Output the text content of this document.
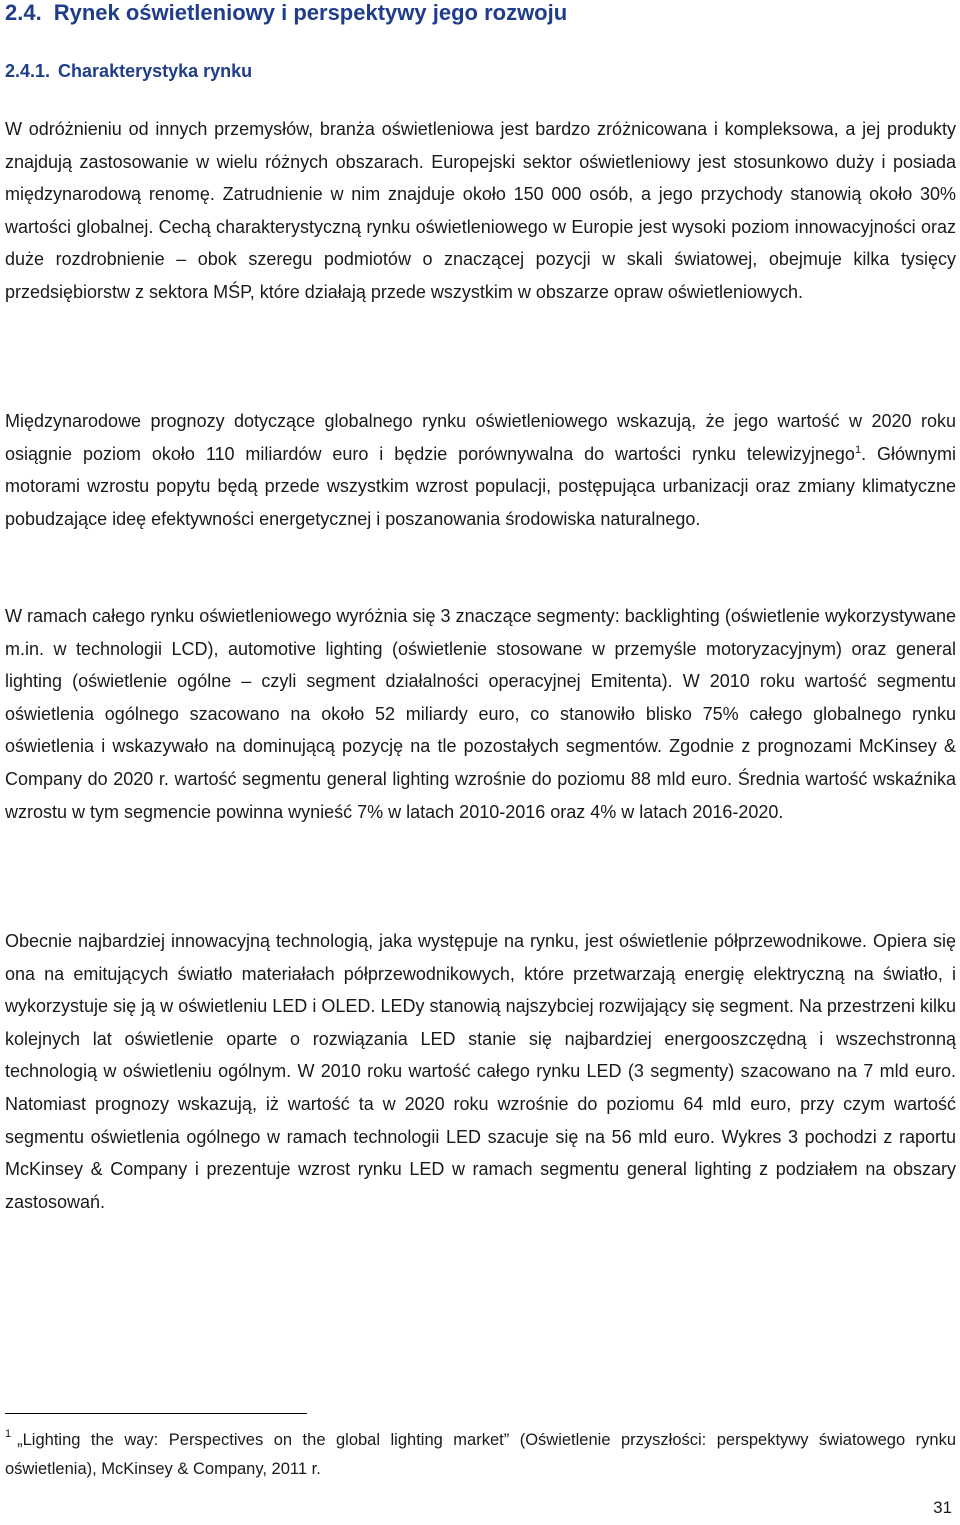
2.4. Rynek oświetleniowy i perspektywy jego rozwoju
2.4.1. Charakterystyka rynku

W odróżnieniu od innych przemysłów, branża oświetleniowa jest bardzo zróżnicowana i kompleksowa, a jej produkty znajdują zastosowanie w wielu różnych obszarach. Europejski sektor oświetleniowy jest stosunkowo duży i posiada międzynarodową renomę. Zatrudnienie w nim znajduje około 150 000 osób, a jego przychody stanowią około 30% wartości globalnej. Cechą charakterystyczną rynku oświetleniowego w Europie jest wysoki poziom innowacyjności oraz duże rozdrobnienie – obok szeregu podmiotów o znaczącej pozycji w skali światowej, obejmuje kilka tysięcy przedsiębiorstw z sektora MŚP, które działają przede wszystkim w obszarze opraw oświetleniowych.

Międzynarodowe prognozy dotyczące globalnego rynku oświetleniowego wskazują, że jego wartość w 2020 roku osiągnie poziom około 110 miliardów euro i będzie porównywalna do wartości rynku telewizyjnego$^1$. Głównymi motorami wzrostu popytu będą przede wszystkim wzrost populacji, postępująca urbanizacji oraz zmiany klimatyczne pobudzające ideę efektywności energetycznej i poszanowania środowiska naturalnego.

W ramach całego rynku oświetleniowego wyróżnia się 3 znaczące segmenty: backlighting (oświetlenie wykorzystywane m.in. w technologii LCD), automotive lighting (oświetlenie stosowane w przemyśle motoryzacyjnym) oraz general lighting (oświetlenie ogólne – czyli segment działalności operacyjnej Emitenta). W 2010 roku wartość segmentu oświetlenia ogólnego szacowano na około 52 miliardy euro, co stanowiło blisko 75% całego globalnego rynku oświetlenia i wskazywało na dominującą pozycję na tle pozostałych segmentów. Zgodnie z prognozami McKinsey & Company do 2020 r. wartość segmentu general lighting wzrośnie do poziomu 88 mld euro. Średnia wartość wskaźnika wzrostu w tym segmencie powinna wynieść 7% w latach 2010-2016 oraz 4% w latach 2016-2020.

Obecnie najbardziej innowacyjną technologią, jaka występuje na rynku, jest oświetlenie półprzewodnikowe. Opiera się ona na emitujących światło materiałach półprzewodnikowych, które przetwarzają energię elektryczną na światło, i wykorzystuje się ją w oświetleniu LED i OLED. LEDy stanowią najszybciej rozwijający się segment. Na przestrzeni kilku kolejnych lat oświetlenie oparte o rozwiązania LED stanie się najbardziej energooszczędną i wszechstronną technologią w oświetleniu ogólnym. W 2010 roku wartość całego rynku LED (3 segmenty) szacowano na 7 mld euro. Natomiast prognozy wskazują, iż wartość ta w 2020 roku wzrośnie do poziomu 64 mld euro, przy czym wartość segmentu oświetlenia ogólnego w ramach technologii LED szacuje się na 56 mld euro. Wykres 3 pochodzi z raportu McKinsey & Company i prezentuje wzrost rynku LED w ramach segmentu general lighting z podziałem na obszary zastosowań.

$^1$ „Lighting the way: Perspectives on the global lighting market” (Oświetlenie przyszłości: perspektywy światowego rynku oświetlenia), McKinsey & Company, 2011 r.

31
